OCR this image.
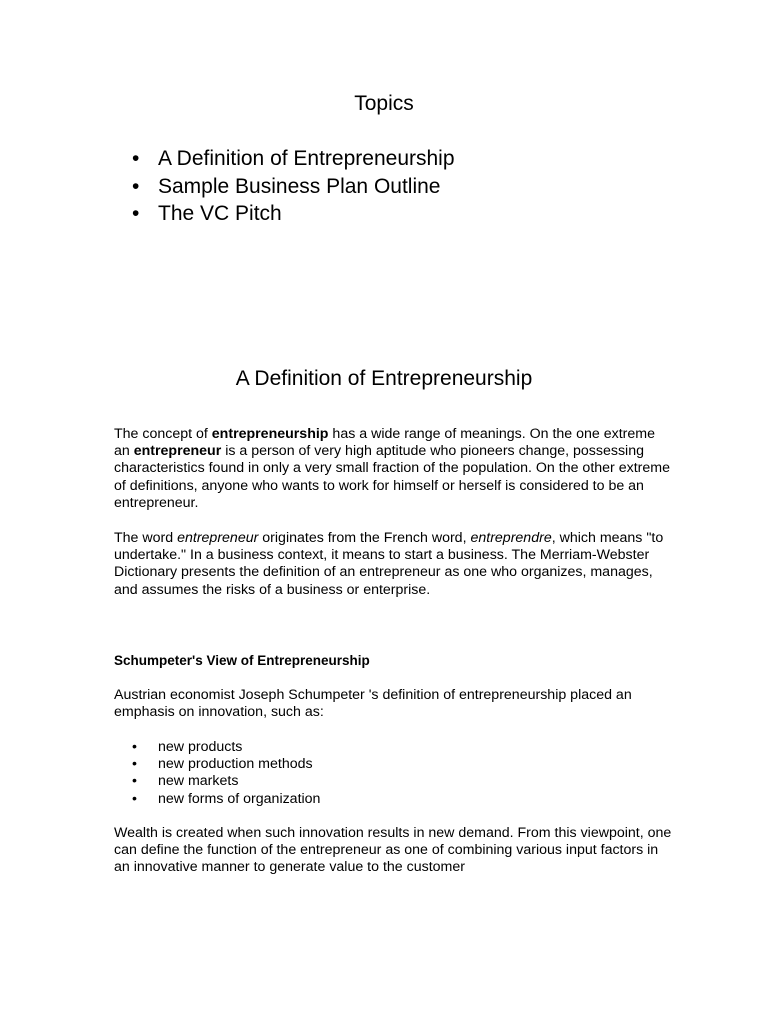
Topics
• A Definition of Entrepreneurship
• Sample Business Plan Outline
• The VC Pitch
A Definition of Entrepreneurship

The concept of entrepreneurship has a wide range of meanings. On the one extreme an entrepreneur is a person of very high aptitude who pioneers change, possessing characteristics found in only a very small fraction of the population. On the other extreme of definitions, anyone who wants to work for himself or herself is considered to be an entrepreneur.

The word entrepreneur originates from the French word, entreprendre, which means "to undertake." In a business context, it means to start a business. The Merriam-Webster Dictionary presents the definition of an entrepreneur as one who organizes, manages, and assumes the risks of a business or enterprise.

Schumpeter's View of Entrepreneurship

Austrian economist Joseph Schumpeter 's definition of entrepreneurship placed an emphasis on innovation, such as:

• new products
• new production methods
• new markets
• new forms of organization

Wealth is created when such innovation results in new demand. From this viewpoint, one can define the function of the entrepreneur as one of combining various input factors in an innovative manner to generate value to the customer
